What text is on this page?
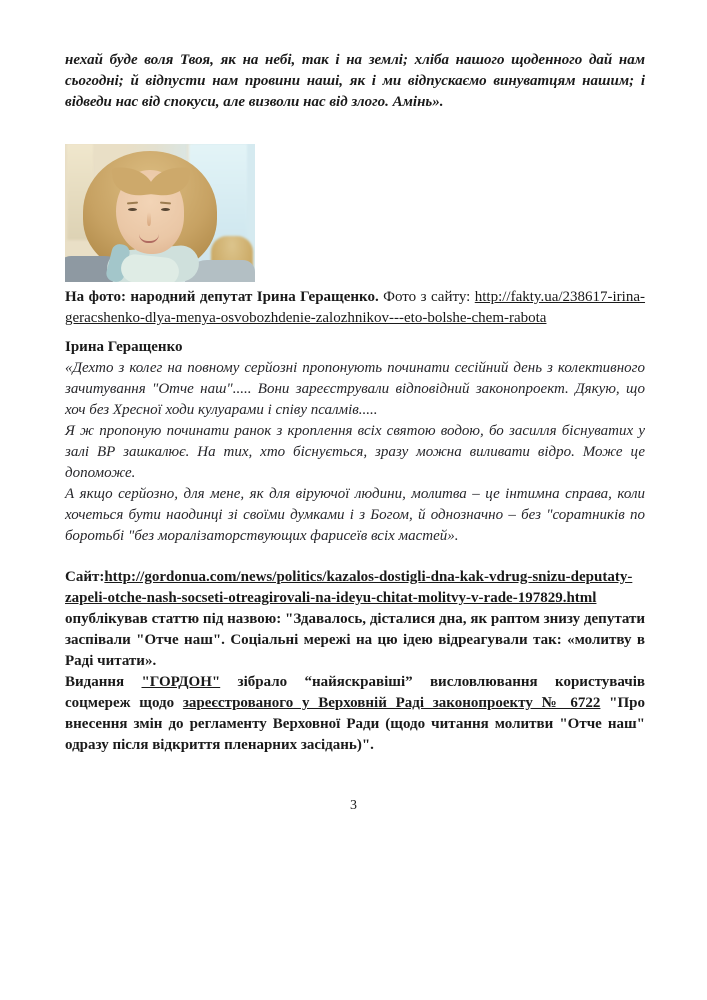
нехай буде воля Твоя, як на небі, так і на землі; хліба нашого щоденного дай нам сьогодні; й відпусти нам провини наші, як і ми відпускаємо винуватцям нашим; і відведи нас від спокуси, але визволи нас від злого. Амінь».

На фото: народний депутат Ірина Геращенко. Фото з сайту: http://fakty.ua/238617-irina-geracshenko-dlya-menya-osvobozhdenie-zalozhnikov---eto-bolshe-chem-rabota

Ірина Геращенко

«Дехто з колег на повному серйозні пропонують починати сесійний день з колективного зачитування "Отче наш"..... Вони зареєстрували відповідний законопроект. Дякую, що хоч без Хресної ходи кулуарами і співу псалмів.....

Я ж пропоную починати ранок з кроплення всіх святою водою, бо засилля біснуватих у залі ВР зашкалює. На тих, хто біснується, зразу можна виливати відро. Може це допоможе.

А якщо серйозно, для мене, як для віруючої людини, молитва – це інтимна справа, коли хочеться бути наодинці зі своїми думками і з Богом, й однозначно – без "соратників по боротьбі "без моралізаторствующих фарисеїв всіх мастей».

Сайт:http://gordonua.com/news/politics/kazalos-dostigli-dna-kak-vdrug-snizu-deputaty-zapeli-otche-nash-socseti-otreagirovali-na-ideyu-chitat-molitvy-v-rade-197829.html опублікував статтю під назвою: "Здавалось, дісталися дна, як раптом знизу депутати заспівали "Отче наш". Соціальні мережі на цю ідею відреагували так: «молитву в Раді читати».

Видання "ГОРДОН" зібрало “найяскравіші” висловлювання користувачів соцмереж щодо зареєстрованого у Верховній Раді законопроекту № 6722 "Про внесення змін до регламенту Верховної Ради (щодо читання молитви "Отче наш" одразу після відкриття пленарних засідань)".

3
